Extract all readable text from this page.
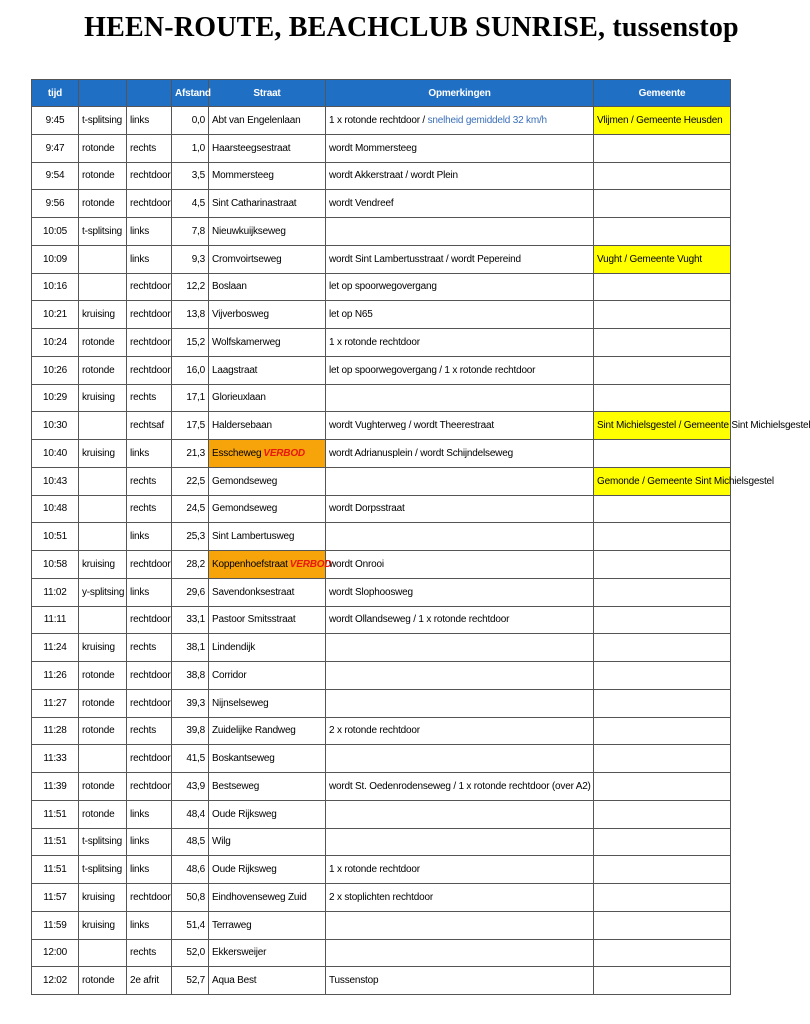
HEEN-ROUTE, BEACHCLUB SUNRISE, tussenstop
tijd			Afstand	Straat	Opmerkingen	Gemeente
9:45	t-splitsing	links	0,0	Abt van Engelenlaan	1 x rotonde rechtdoor / snelheid gemiddeld 32 km/h	Vlijmen / Gemeente Heusden
9:47	rotonde	rechts	1,0	Haarsteegsestraat	wordt Mommersteeg	
9:54	rotonde	rechtdoor	3,5	Mommersteeg	wordt Akkerstraat / wordt Plein	
9:56	rotonde	rechtdoor	4,5	Sint Catharinastraat	wordt Vendreef	
10:05	t-splitsing	links	7,8	Nieuwkuijkseweg		
10:09		links	9,3	Cromvoirtseweg	wordt Sint Lambertusstraat / wordt Pepereind	Vught / Gemeente Vught
10:16		rechtdoor	12,2	Boslaan	let op spoorwegovergang	
10:21	kruising	rechtdoor	13,8	Vijverbosweg	let op N65	
10:24	rotonde	rechtdoor	15,2	Wolfskamerweg	1 x rotonde rechtdoor	
10:26	rotonde	rechtdoor	16,0	Laagstraat	let op spoorwegovergang / 1 x rotonde rechtdoor	
10:29	kruising	rechts	17,1	Glorieuxlaan		
10:30		rechtsaf	17,5	Haldersebaan	wordt Vughterweg / wordt Theerestraat	Sint Michielsgestel / Gemeente Sint Michielsgestel
10:40	kruising	links	21,3	Esscheweg VERBOD	wordt Adrianusplein / wordt Schijndelseweg	
10:43		rechts	22,5	Gemondseweg		Gemonde / Gemeente Sint Michielsgestel
10:48		rechts	24,5	Gemondseweg	wordt Dorpsstraat	
10:51		links	25,3	Sint Lambertusweg		
10:58	kruising	rechtdoor	28,2	Koppenhoefstraat VERBOD	wordt Onrooi	
11:02	y-splitsing	links	29,6	Savendonksestraat	wordt Slophoosweg	
11:11		rechtdoor	33,1	Pastoor Smitsstraat	wordt Ollandseweg / 1 x rotonde rechtdoor	
11:24	kruising	rechts	38,1	Lindendijk		
11:26	rotonde	rechtdoor	38,8	Corridor		
11:27	rotonde	rechtdoor	39,3	Nijnselseweg		
11:28	rotonde	rechts	39,8	Zuidelijke Randweg	2 x rotonde rechtdoor	
11:33		rechtdoor	41,5	Boskantseweg		
11:39	rotonde	rechtdoor	43,9	Bestseweg	wordt St. Oedenrodenseweg / 1 x rotonde rechtdoor (over A2)	
11:51	rotonde	links	48,4	Oude Rijksweg		
11:51	t-splitsing	links	48,5	Wilg		
11:51	t-splitsing	links	48,6	Oude Rijksweg	1 x rotonde rechtdoor	
11:57	kruising	rechtdoor	50,8	Eindhovenseweg Zuid	2 x stoplichten rechtdoor	
11:59	kruising	links	51,4	Terraweg		
12:00		rechts	52,0	Ekkersweijer		
12:02	rotonde	2e afrit	52,7	Aqua Best	Tussenstop	
